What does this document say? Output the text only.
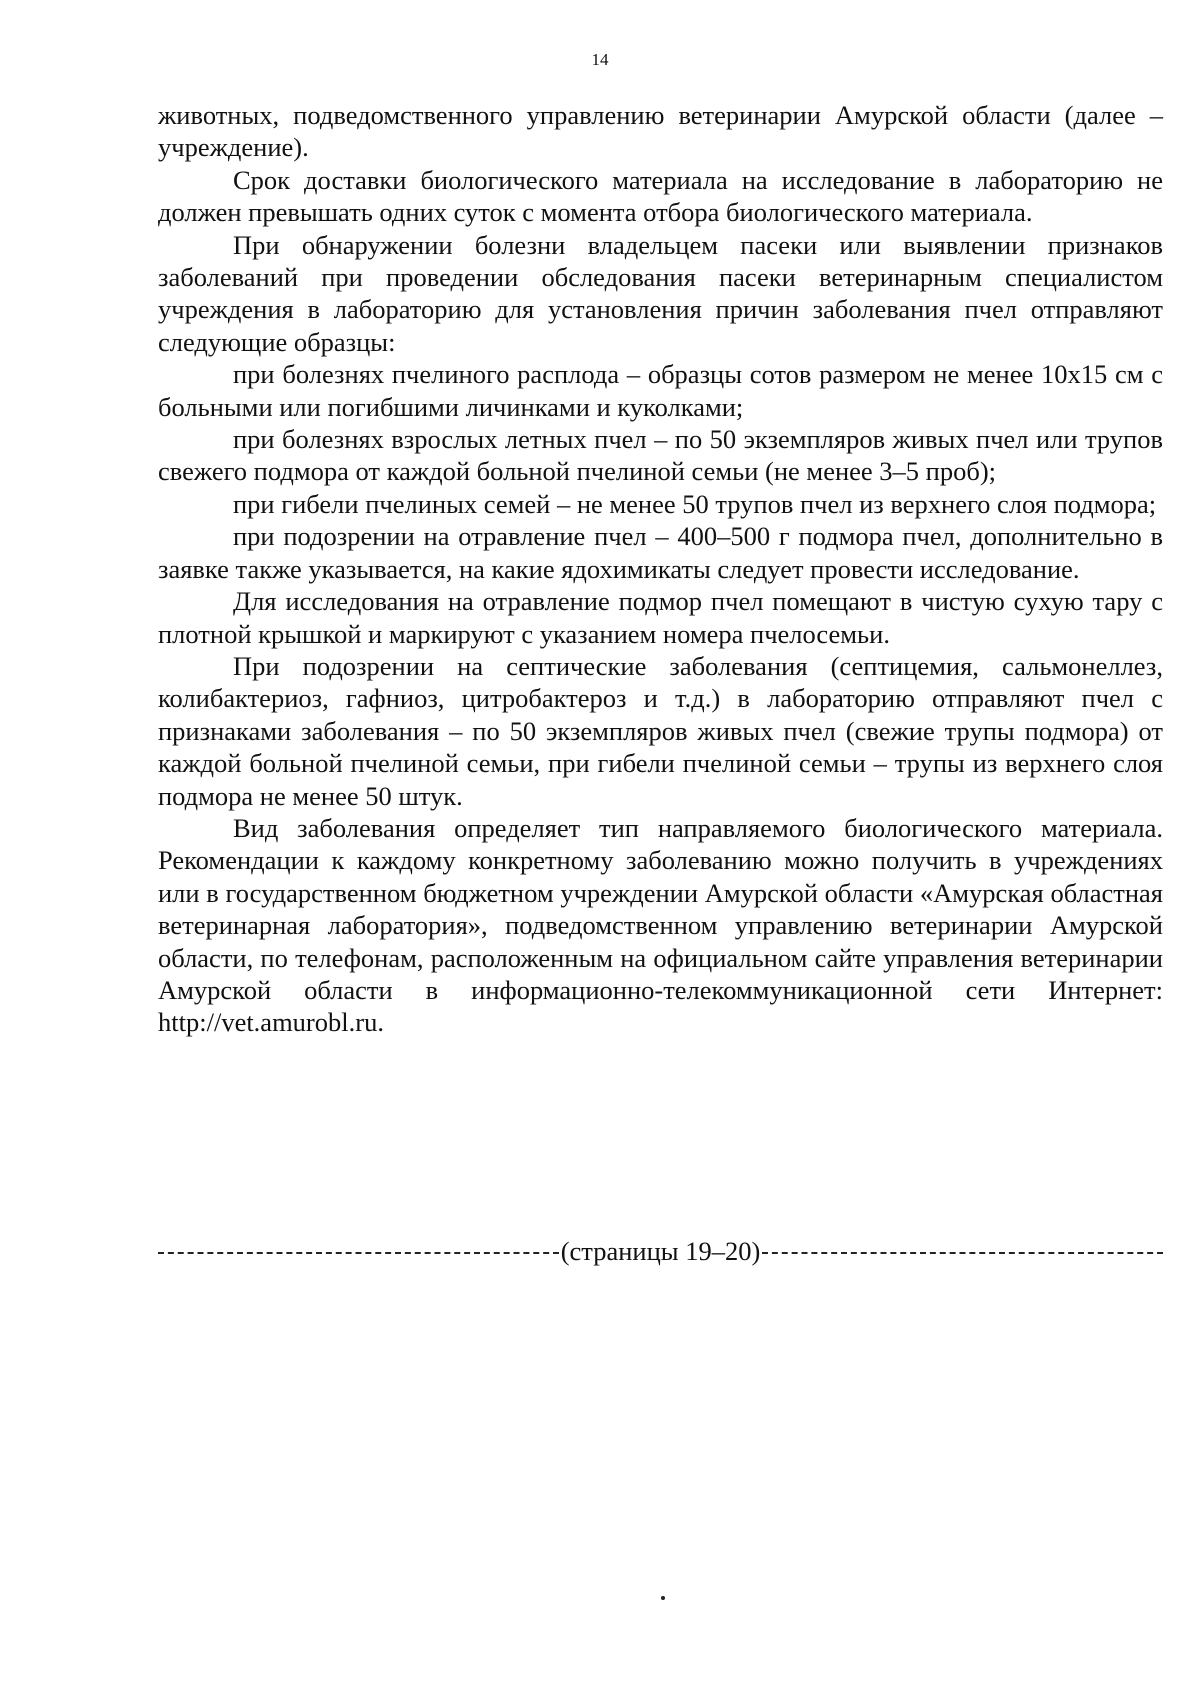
14

животных, подведомственного управлению ветеринарии Амурской области (далее – учреждение).

Срок доставки биологического материала на исследование в лабораторию не должен превышать одних суток с момента отбора биологического материала.

При обнаружении болезни владельцем пасеки или выявлении признаков заболеваний при проведении обследования пасеки ветеринарным специалистом учреждения в лабораторию для установления причин заболевания пчел отправляют следующие образцы:

при болезнях пчелиного расплода – образцы сотов размером не менее 10х15 см с больными или погибшими личинками и куколками;

при болезнях взрослых летных пчел – по 50 экземпляров живых пчел или трупов свежего подмора от каждой больной пчелиной семьи (не менее 3–5 проб);

при гибели пчелиных семей – не менее 50 трупов пчел из верхнего слоя подмора;

при подозрении на отравление пчел – 400–500 г подмора пчел, дополнительно в заявке также указывается, на какие ядохимикаты следует провести исследование.

Для исследования на отравление подмор пчел помещают в чистую сухую тару с плотной крышкой и маркируют с указанием номера пчелосемьи.

При подозрении на септические заболевания (септицемия, сальмонеллез, колибактериоз, гафниоз, цитробактероз и т.д.) в лабораторию отправляют пчел с признаками заболевания – по 50 экземпляров живых пчел (свежие трупы подмора) от каждой больной пчелиной семьи, при гибели пчелиной семьи – трупы из верхнего слоя подмора не менее 50 штук.

Вид заболевания определяет тип направляемого биологического материала. Рекомендации к каждому конкретному заболеванию можно получить в учреждениях или в государственном бюджетном учреждении Амурской области «Амурская областная ветеринарная лаборатория», подведомственном управлению ветеринарии Амурской области, по телефонам, расположенным на официальном сайте управления ветеринарии Амурской области в информационно-телекоммуникационной сети Интернет: http://vet.amurobl.ru.

(страницы 19–20)
